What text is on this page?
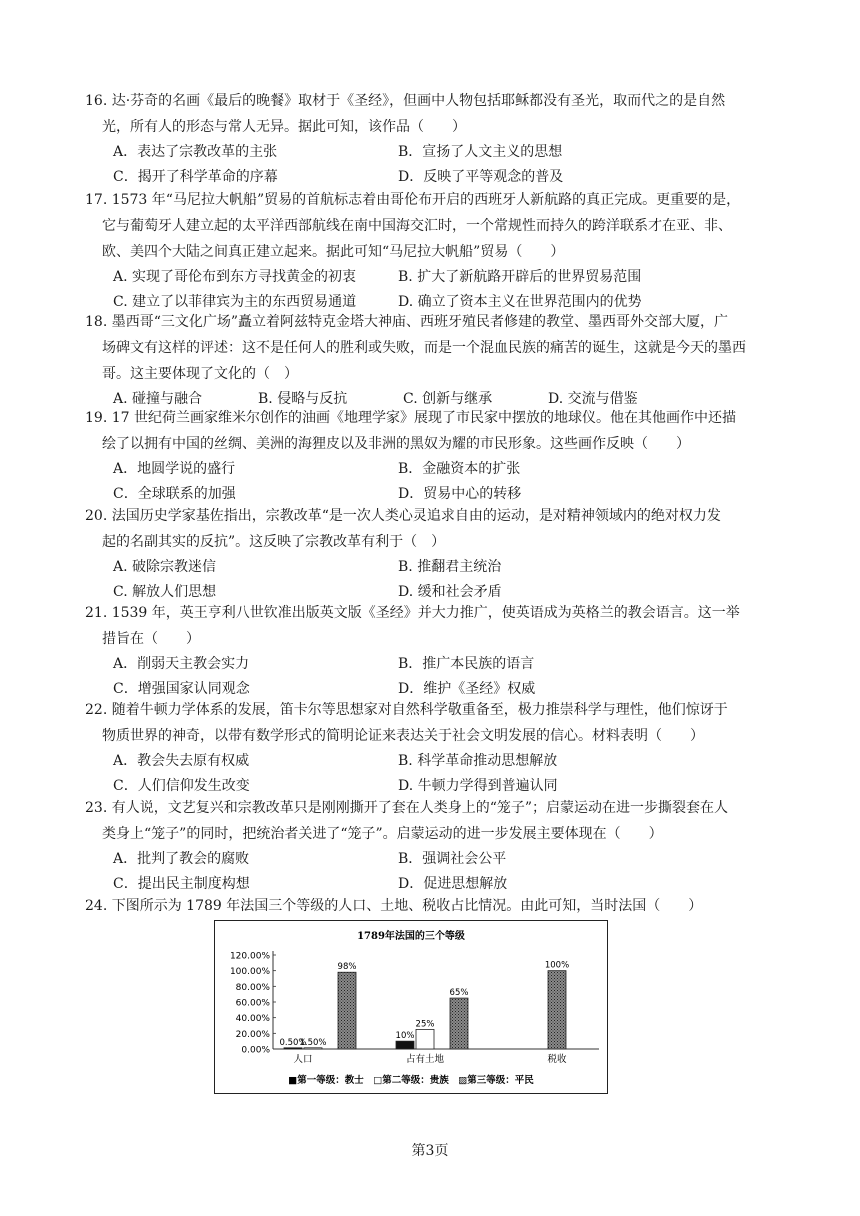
16. 达·芬奇的名画《最后的晚餐》取材于《圣经》，但画中人物包括耶稣都没有圣光，取而代之的是自然

光，所有人的形态与常人无异。据此可知，该作品（　　）

A．表达了宗教改革的主张	B．宣扬了人文主义的思想
C．揭开了科学革命的序幕	D．反映了平等观念的普及

17. 1573 年“马尼拉大帆船”贸易的首航标志着由哥伦布开启的西班牙人新航路的真正完成。更重要的是，

它与葡萄牙人建立起的太平洋西部航线在南中国海交汇时，一个常规性而持久的跨洋联系才在亚、非、

欧、美四个大陆之间真正建立起来。据此可知“马尼拉大帆船”贸易（　　）

A. 实现了哥伦布到东方寻找黄金的初衷	B. 扩大了新航路开辟后的世界贸易范围
C. 建立了以菲律宾为主的东西贸易通道	D. 确立了资本主义在世界范围内的优势

18. 墨西哥“三文化广场”矗立着阿兹特克金塔大神庙、西班牙殖民者修建的教堂、墨西哥外交部大厦，广

场碑文有这样的评述：这不是任何人的胜利或失败，而是一个混血民族的痛苦的诞生，这就是今天的墨西

哥。这主要体现了文化的（　）

A. 碰撞与融合	B. 侵略与反抗	C. 创新与继承	D. 交流与借鉴

19. 17 世纪荷兰画家维米尔创作的油画《地理学家》展现了市民家中摆放的地球仪。他在其他画作中还描

绘了以拥有中国的丝绸、美洲的海狸皮以及非洲的黑奴为耀的市民形象。这些画作反映（　　）

A．地圆学说的盛行	B．金融资本的扩张
C．全球联系的加强	D．贸易中心的转移

20. 法国历史学家基佐指出，宗教改革“是一次人类心灵追求自由的运动，是对精神领域内的绝对权力发

起的名副其实的反抗”。这反映了宗教改革有利于（　）

A. 破除宗教迷信	B. 推翻君主统治
C. 解放人们思想	D. 缓和社会矛盾

21. 1539 年，英王亨利八世钦准出版英文版《圣经》并大力推广，使英语成为英格兰的教会语言。这一举

措旨在（　　）

A．削弱天主教会实力	B．推广本民族的语言
C．增强国家认同观念	D．维护《圣经》权威

22. 随着牛顿力学体系的发展，笛卡尔等思想家对自然科学敬重备至，极力推崇科学与理性，他们惊讶于

物质世界的神奇，以带有数学形式的简明论证来表达关于社会文明发展的信心。材料表明（　　）

A．教会失去原有权威	B. 科学革命推动思想解放
C．人们信仰发生改变	D. 牛顿力学得到普遍认同

23. 有人说，文艺复兴和宗教改革只是刚刚撕开了套在人类身上的“笼子”；启蒙运动在进一步撕裂套在人

类身上“笼子”的同时，把统治者关进了“笼子”。启蒙运动的进一步发展主要体现在（　　）

A．批判了教会的腐败	B．强调社会公平
C．提出民主制度构想	D．促进思想解放

24. 下图所示为 1789 年法国三个等级的人口、土地、税收占比情况。由此可知，当时法国（　　）

1789年法国的三个等级
120.00%
100.00%
80.00%
60.00%
40.00%
20.00%
0.00%
0.50%
1.50%
98%
人口
10%
25%
65%
占有土地
100%
税收
■第一等级：教士　□第二等级：贵族　▨第三等级：平民
第3页
